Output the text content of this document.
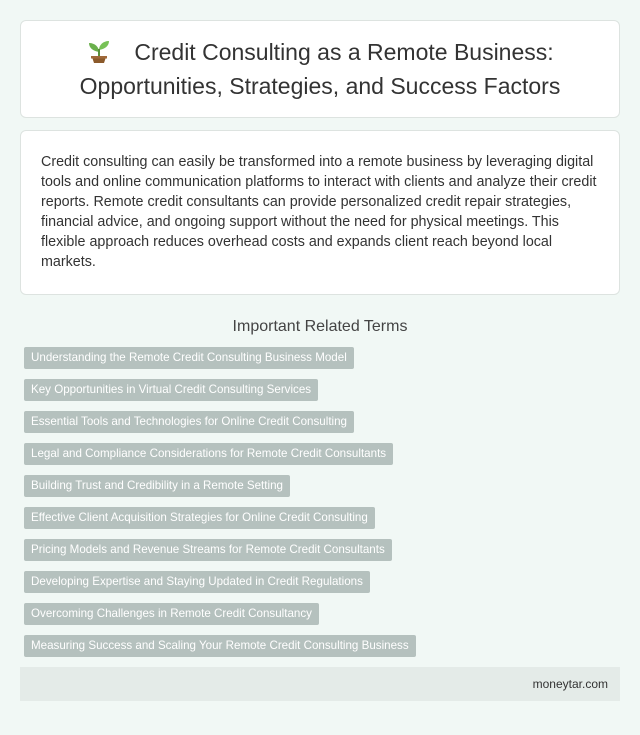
Credit Consulting as a Remote Business: Opportunities, Strategies, and Success Factors

Credit consulting can easily be transformed into a remote business by leveraging digital tools and online communication platforms to interact with clients and analyze their credit reports. Remote credit consultants can provide personalized credit repair strategies, financial advice, and ongoing support without the need for physical meetings. This flexible approach reduces overhead costs and expands client reach beyond local markets.

Important Related Terms
Understanding the Remote Credit Consulting Business Model
Key Opportunities in Virtual Credit Consulting Services
Essential Tools and Technologies for Online Credit Consulting
Legal and Compliance Considerations for Remote Credit Consultants
Building Trust and Credibility in a Remote Setting
Effective Client Acquisition Strategies for Online Credit Consulting
Pricing Models and Revenue Streams for Remote Credit Consultants
Developing Expertise and Staying Updated in Credit Regulations
Overcoming Challenges in Remote Credit Consultancy
Measuring Success and Scaling Your Remote Credit Consulting Business
moneytar.com
